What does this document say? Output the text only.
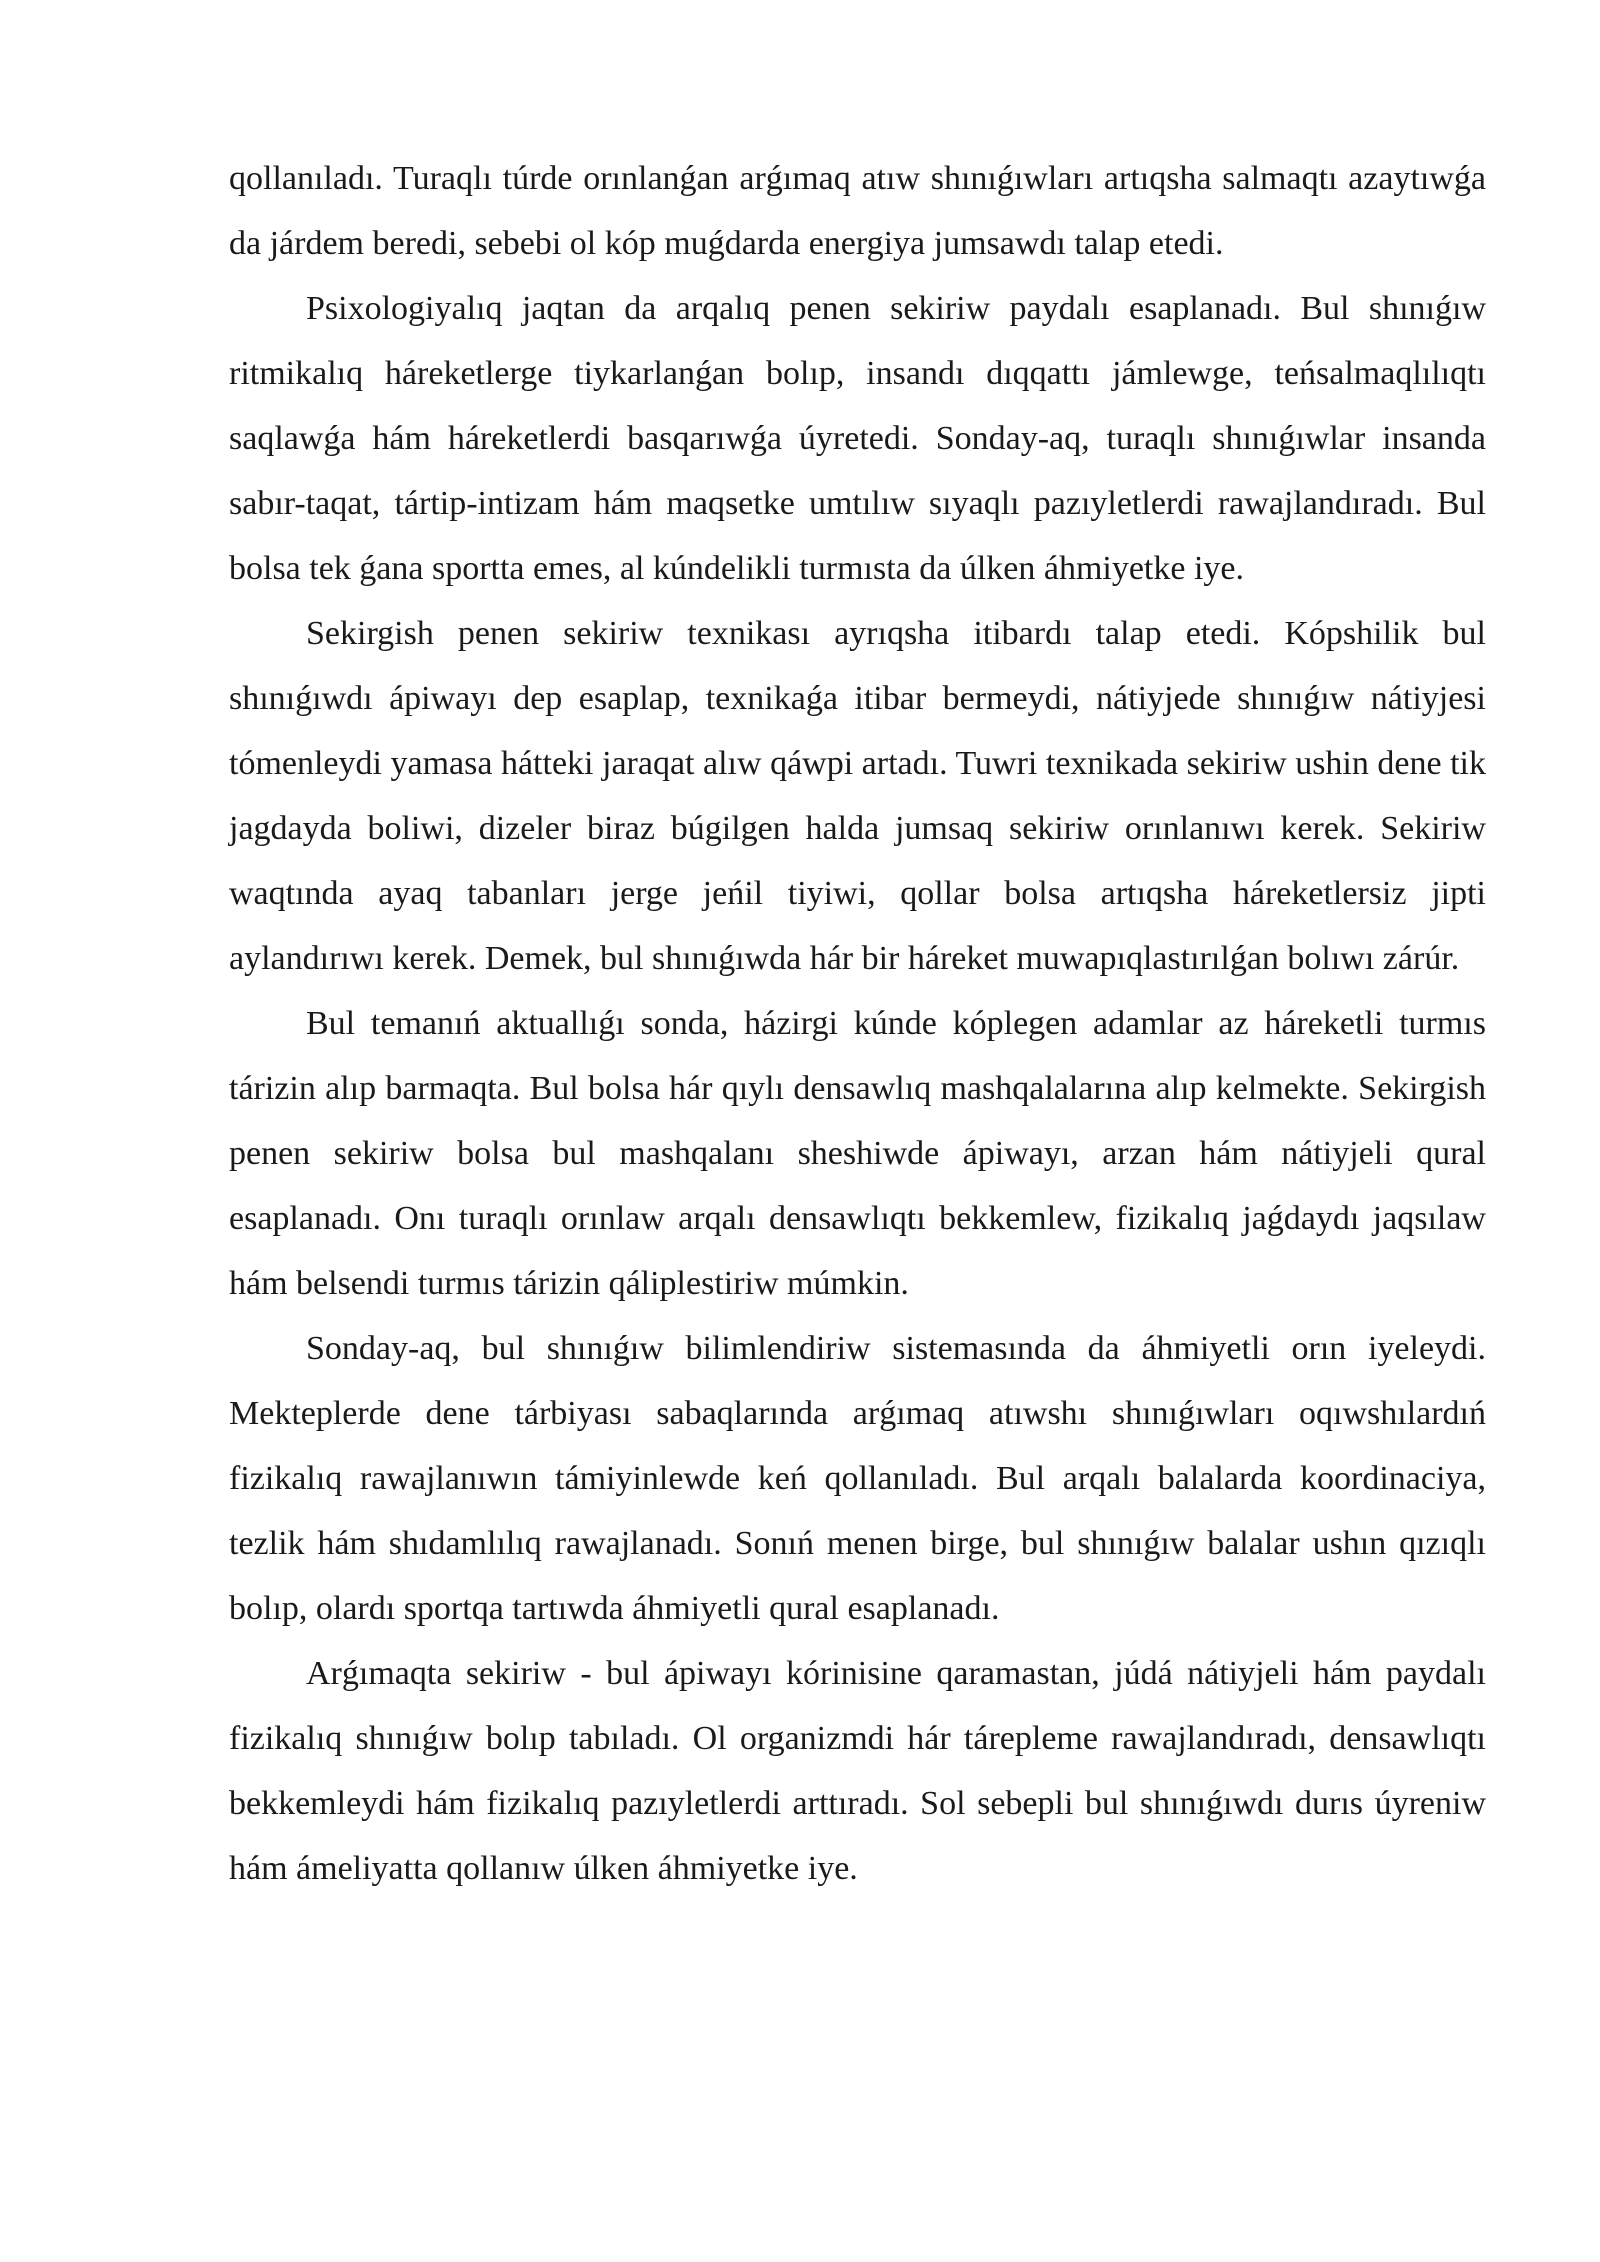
qollanıladı. Turaqlı túrde orınlanǵan arǵımaq atıw shınıǵıwları artıqsha salmaqtı azaytıwǵa da járdem beredi, sebebi ol kóp muǵdarda energiya jumsawdı talap etedi.

Psixologiyalıq jaqtan da arqalıq penen sekiriw paydalı esaplanadı. Bul shınıǵıw ritmikalıq háreketlerge tiykarlanǵan bolıp, insandı dıqqattı jámlewge, teńsalmaqlılıqtı saqlawǵa hám háreketlerdi basqarıwǵa úyretedi. Sonday-aq, turaqlı shınıǵıwlar insanda sabır-taqat, tártip-intizam hám maqsetke umtılıw sıyaqlı pazıyletlerdi rawajlandıradı. Bul bolsa tek ǵana sportta emes, al kúndelikli turmısta da úlken áhmiyetke iye.

Sekirgish penen sekiriw texnikası ayrıqsha itibardı talap etedi. Kópshilik bul shınıǵıwdı ápiwayı dep esaplap, texnikaǵa itibar bermeydi, nátiyjede shınıǵıw nátiyjesi tómenleydi yamasa hátteki jaraqat alıw qáwpi artadı. Tuwri texnikada sekiriw ushin dene tik jagdayda boliwi, dizeler biraz búgilgen halda jumsaq sekiriw orınlanıwı kerek. Sekiriw waqtında ayaq tabanları jerge jeńil tiyiwi, qollar bolsa artıqsha háreketlersiz jipti aylandırıwı kerek. Demek, bul shınıǵıwda hár bir háreket muwapıqlastırılǵan bolıwı zárúr.

Bul temanıń aktuallıǵı sonda, házirgi kúnde kóplegen adamlar az háreketli turmıs tárizin alıp barmaqta. Bul bolsa hár qıylı densawlıq mashqalalarına alıp kelmekte. Sekirgish penen sekiriw bolsa bul mashqalanı sheshiwde ápiwayı, arzan hám nátiyjeli qural esaplanadı. Onı turaqlı orınlaw arqalı densawlıqtı bekkemlew, fizikalıq jaǵdaydı jaqsılaw hám belsendi turmıs tárizin qáliplestiriw múmkin.

Sonday-aq, bul shınıǵıw bilimlendiriw sistemasında da áhmiyetli orın iyeleydi. Mekteplerde dene tárbiyası sabaqlarında arǵımaq atıwshı shınıǵıwları oqıwshılardıń fizikalıq rawajlanıwın támiyinlewde keń qollanıladı. Bul arqalı balalarda koordinaciya, tezlik hám shıdamlılıq rawajlanadı. Sonıń menen birge, bul shınıǵıw balalar ushın qızıqlı bolıp, olardı sportqa tartıwda áhmiyetli qural esaplanadı.

Arǵımaqta sekiriw - bul ápiwayı kórinisine qaramastan, júdá nátiyjeli hám paydalı fizikalıq shınıǵıw bolıp tabıladı. Ol organizmdi hár tárepleme rawajlandıradı, densawlıqtı bekkemleydi hám fizikalıq pazıyletlerdi arttıradı. Sol sebepli bul shınıǵıwdı durıs úyreniw hám ámeliyatta qollanıw úlken áhmiyetke iye.
